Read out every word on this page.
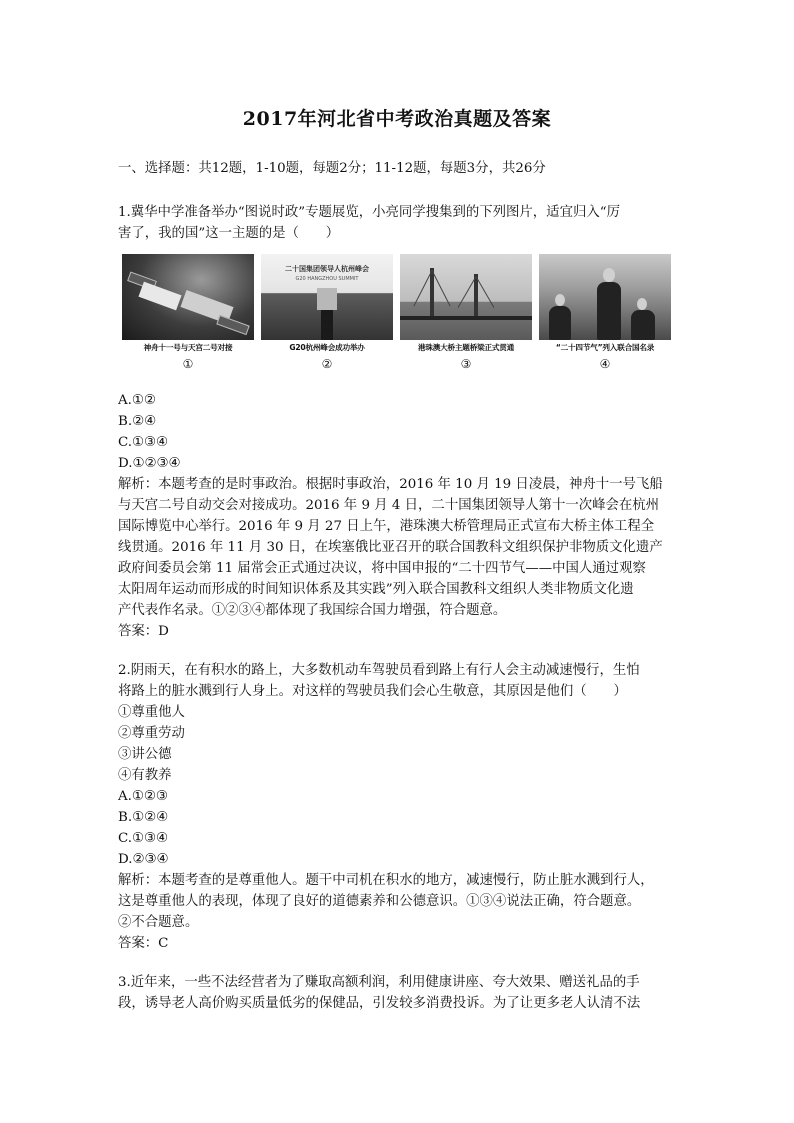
2017年河北省中考政治真题及答案
一、选择题：共12题，1-10题，每题2分；11-12题，每题3分，共26分

1.冀华中学准备举办“图说时政”专题展览，小亮同学搜集到的下列图片，适宜归入“厉

害了，我的国”这一主题的是（　　）

神舟十一号与天宫二号对接
①
二十国集团领导人杭州峰会
G20 HANGZHOU SUMMIT
G20杭州峰会成功举办
②
港珠澳大桥主题桥梁正式贯通
③
“二十四节气”列入联合国名录
④

A.①②

B.②④

C.①③④

D.①②③④

解析：本题考查的是时事政治。根据时事政治，2016 年 10 月 19 日凌晨，神舟十一号飞船

与天宫二号自动交会对接成功。2016 年 9 月 4 日，二十国集团领导人第十一次峰会在杭州

国际博览中心举行。2016 年 9 月 27 日上午，港珠澳大桥管理局正式宣布大桥主体工程全

线贯通。2016 年 11 月 30 日，在埃塞俄比亚召开的联合国教科文组织保护非物质文化遗产

政府间委员会第 11 届常会正式通过决议，将中国申报的“二十四节气——中国人通过观察

太阳周年运动而形成的时间知识体系及其实践”列入联合国教科文组织人类非物质文化遗

产代表作名录。①②③④都体现了我国综合国力增强，符合题意。

答案：D

2.阴雨天，在有积水的路上，大多数机动车驾驶员看到路上有行人会主动减速慢行，生怕

将路上的脏水溅到行人身上。对这样的驾驶员我们会心生敬意，其原因是他们（　　）

①尊重他人

②尊重劳动

③讲公德

④有教养

A.①②③

B.①②④

C.①③④

D.②③④

解析：本题考查的是尊重他人。题干中司机在积水的地方，减速慢行，防止脏水溅到行人，

这是尊重他人的表现，体现了良好的道德素养和公德意识。①③④说法正确，符合题意。

②不合题意。

答案：C

3.近年来，一些不法经营者为了赚取高额利润，利用健康讲座、夸大效果、赠送礼品的手

段，诱导老人高价购买质量低劣的保健品，引发较多消费投诉。为了让更多老人认清不法
